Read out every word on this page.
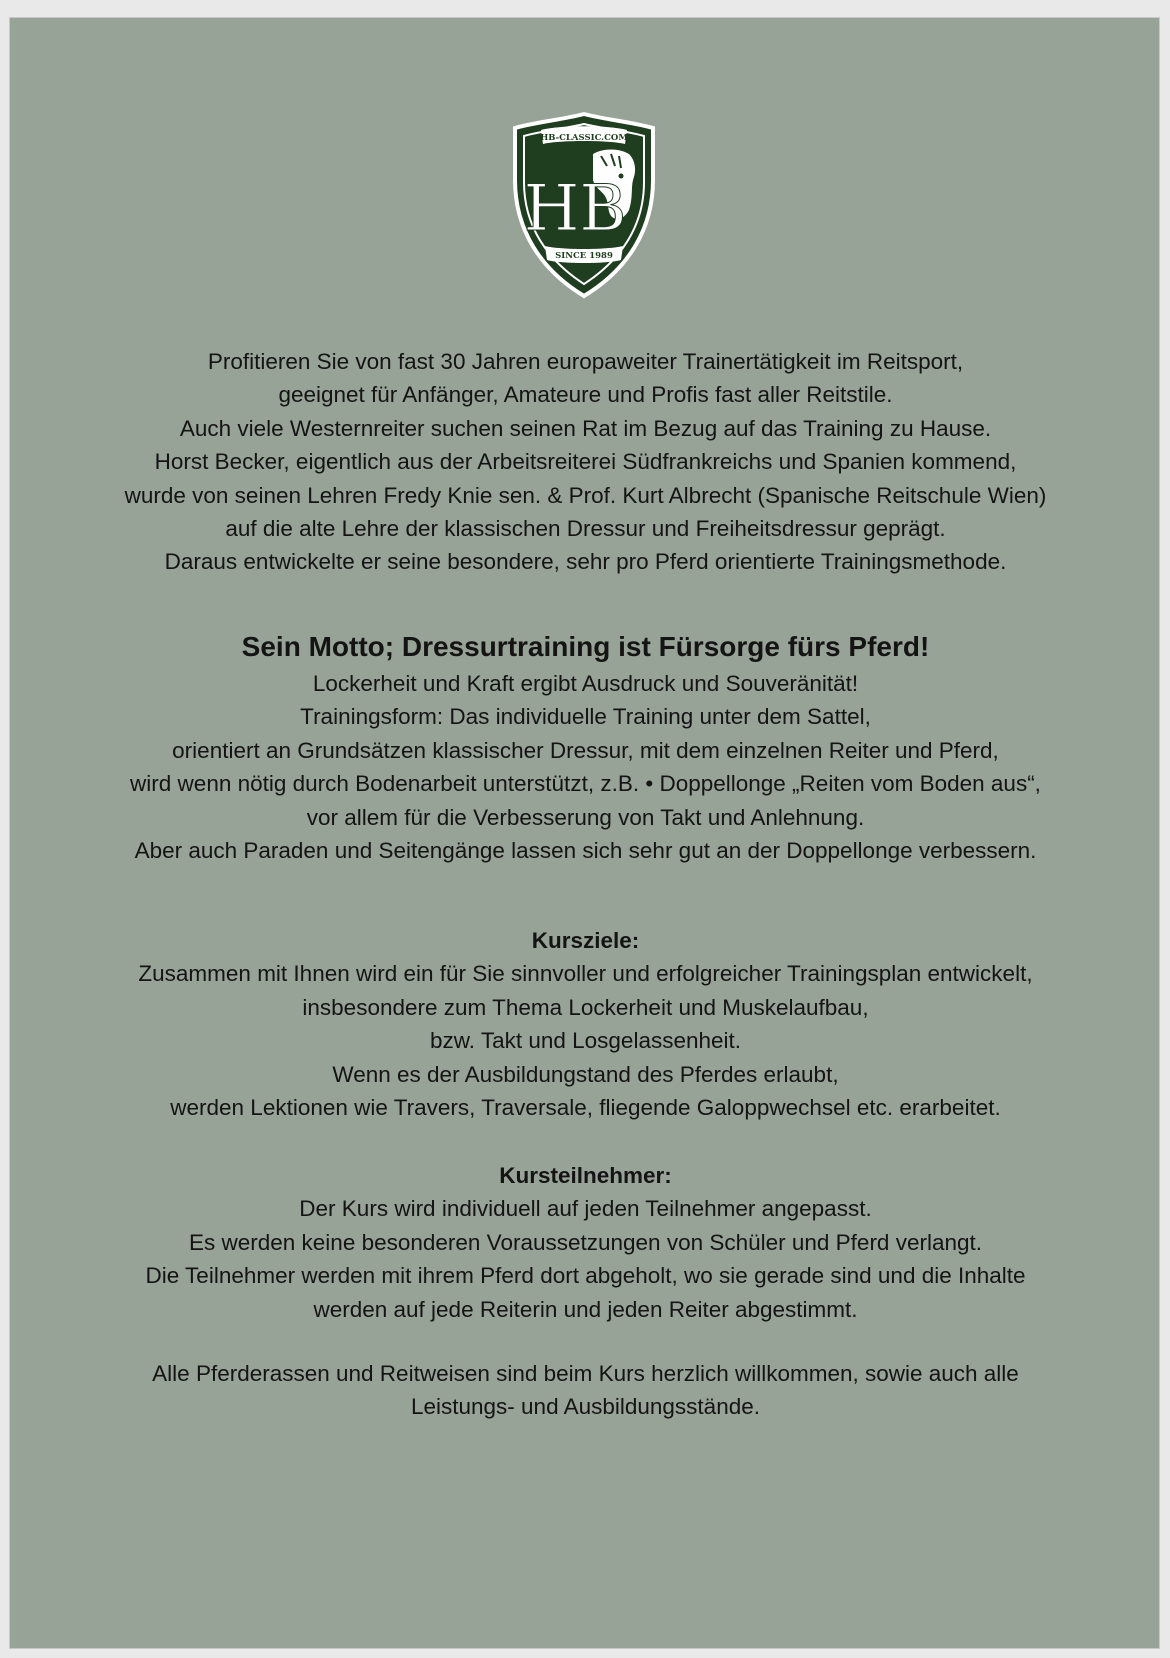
HB-CLASSIC.COM
HB
SINCE 1989
Profitieren Sie von fast 30 Jahren europaweiter Trainertätigkeit im Reitsport,
geeignet für Anfänger, Amateure und Profis fast aller Reitstile.
Auch viele Westernreiter suchen seinen Rat im Bezug auf das Training zu Hause.
Horst Becker, eigentlich aus der Arbeitsreiterei Südfrankreichs und Spanien kommend,
wurde von seinen Lehren Fredy Knie sen. & Prof. Kurt Albrecht (Spanische Reitschule Wien)
auf die alte Lehre der klassischen Dressur und Freiheitsdressur geprägt.
Daraus entwickelte er seine besondere, sehr pro Pferd orientierte Trainingsmethode.
Sein Motto; Dressurtraining ist Fürsorge fürs Pferd!
Lockerheit und Kraft ergibt Ausdruck und Souveränität!
Trainingsform: Das individuelle Training unter dem Sattel,
orientiert an Grundsätzen klassischer Dressur, mit dem einzelnen Reiter und Pferd,
wird wenn nötig durch Bodenarbeit unterstützt, z.B. • Doppellonge „Reiten vom Boden aus“,
vor allem für die Verbesserung von Takt und Anlehnung.
Aber auch Paraden und Seitengänge lassen sich sehr gut an der Doppellonge verbessern.
Kursziele:
Zusammen mit Ihnen wird ein für Sie sinnvoller und erfolgreicher Trainingsplan entwickelt,
insbesondere zum Thema Lockerheit und Muskelaufbau,
bzw. Takt und Losgelassenheit.
Wenn es der Ausbildungstand des Pferdes erlaubt,
werden Lektionen wie Travers, Traversale, fliegende Galoppwechsel etc. erarbeitet.
Kursteilnehmer:
Der Kurs wird individuell auf jeden Teilnehmer angepasst.
Es werden keine besonderen Voraussetzungen von Schüler und Pferd verlangt.
Die Teilnehmer werden mit ihrem Pferd dort abgeholt, wo sie gerade sind und die Inhalte
werden auf jede Reiterin und jeden Reiter abgestimmt.
Alle Pferderassen und Reitweisen sind beim Kurs herzlich willkommen, sowie auch alle
Leistungs- und Ausbildungsstände.
